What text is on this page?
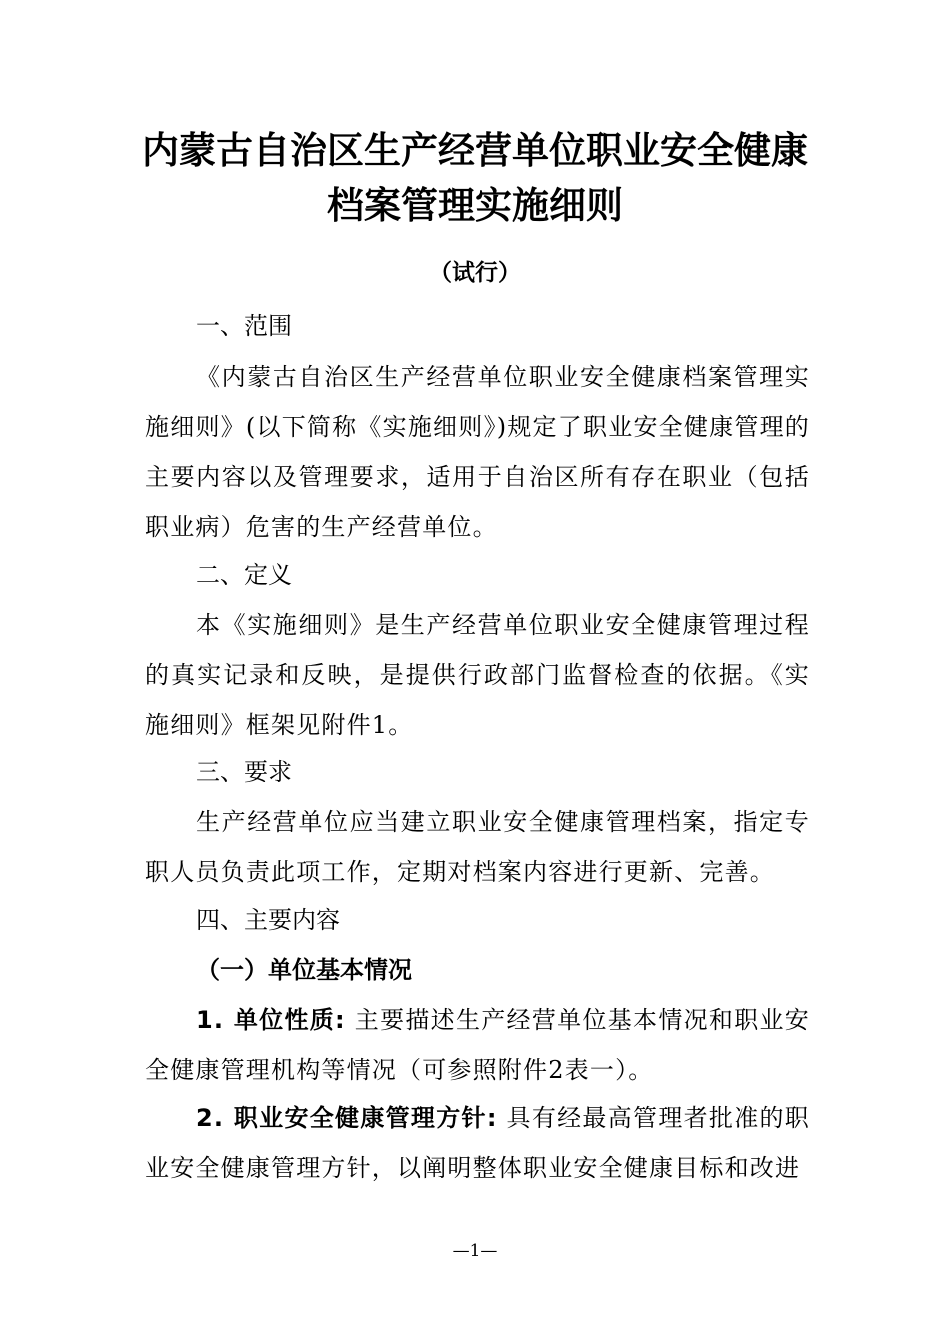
内蒙古自治区生产经营单位职业安全健康
档案管理实施细则
（试行）
一、范围
《内蒙古自治区生产经营单位职业安全健康档案管理实施细则》(以下简称《实施细则》)规定了职业安全健康管理的主要内容以及管理要求，适用于自治区所有存在职业（包括职业病）危害的生产经营单位。
二、定义
本《实施细则》是生产经营单位职业安全健康管理过程的真实记录和反映，是提供行政部门监督检查的依据。《实施细则》框架见附件1。
三、要求
生产经营单位应当建立职业安全健康管理档案，指定专职人员负责此项工作，定期对档案内容进行更新、完善。
四、主要内容
（一）单位基本情况
1. 单位性质: 主要描述生产经营单位基本情况和职业安全健康管理机构等情况（可参照附件2表一）。
2. 职业安全健康管理方针: 具有经最高管理者批准的职业安全健康管理方针，以阐明整体职业安全健康目标和改进
—1—
